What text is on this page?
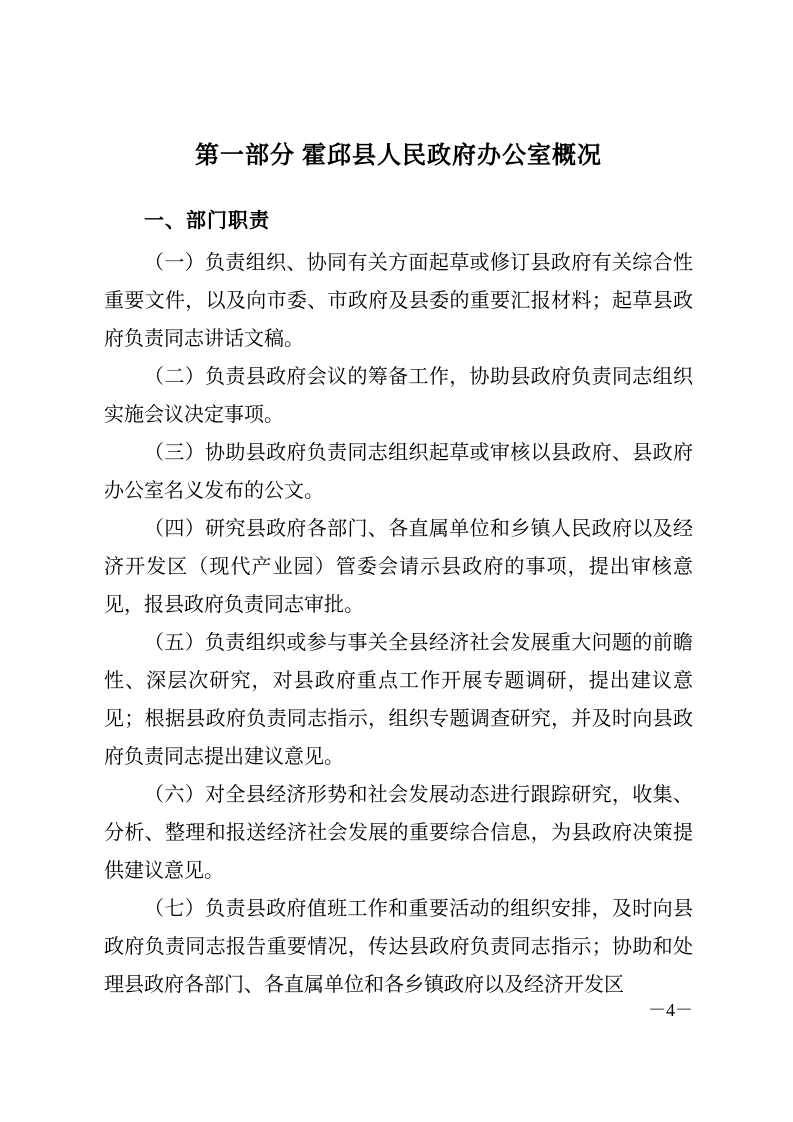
第一部分 霍邱县人民政府办公室概况
一、部门职责

（一）负责组织、协同有关方面起草或修订县政府有关综合性重要文件，以及向市委、市政府及县委的重要汇报材料；起草县政府负责同志讲话文稿。

（二）负责县政府会议的筹备工作，协助县政府负责同志组织实施会议决定事项。

（三）协助县政府负责同志组织起草或审核以县政府、县政府办公室名义发布的公文。

（四）研究县政府各部门、各直属单位和乡镇人民政府以及经济开发区（现代产业园）管委会请示县政府的事项，提出审核意见，报县政府负责同志审批。

（五）负责组织或参与事关全县经济社会发展重大问题的前瞻性、深层次研究，对县政府重点工作开展专题调研，提出建议意见；根据县政府负责同志指示，组织专题调查研究，并及时向县政府负责同志提出建议意见。

（六）对全县经济形势和社会发展动态进行跟踪研究，收集、分析、整理和报送经济社会发展的重要综合信息，为县政府决策提供建议意见。

（七）负责县政府值班工作和重要活动的组织安排，及时向县政府负责同志报告重要情况，传达县政府负责同志指示；协助和处理县政府各部门、各直属单位和各乡镇政府以及经济开发区

－4－
